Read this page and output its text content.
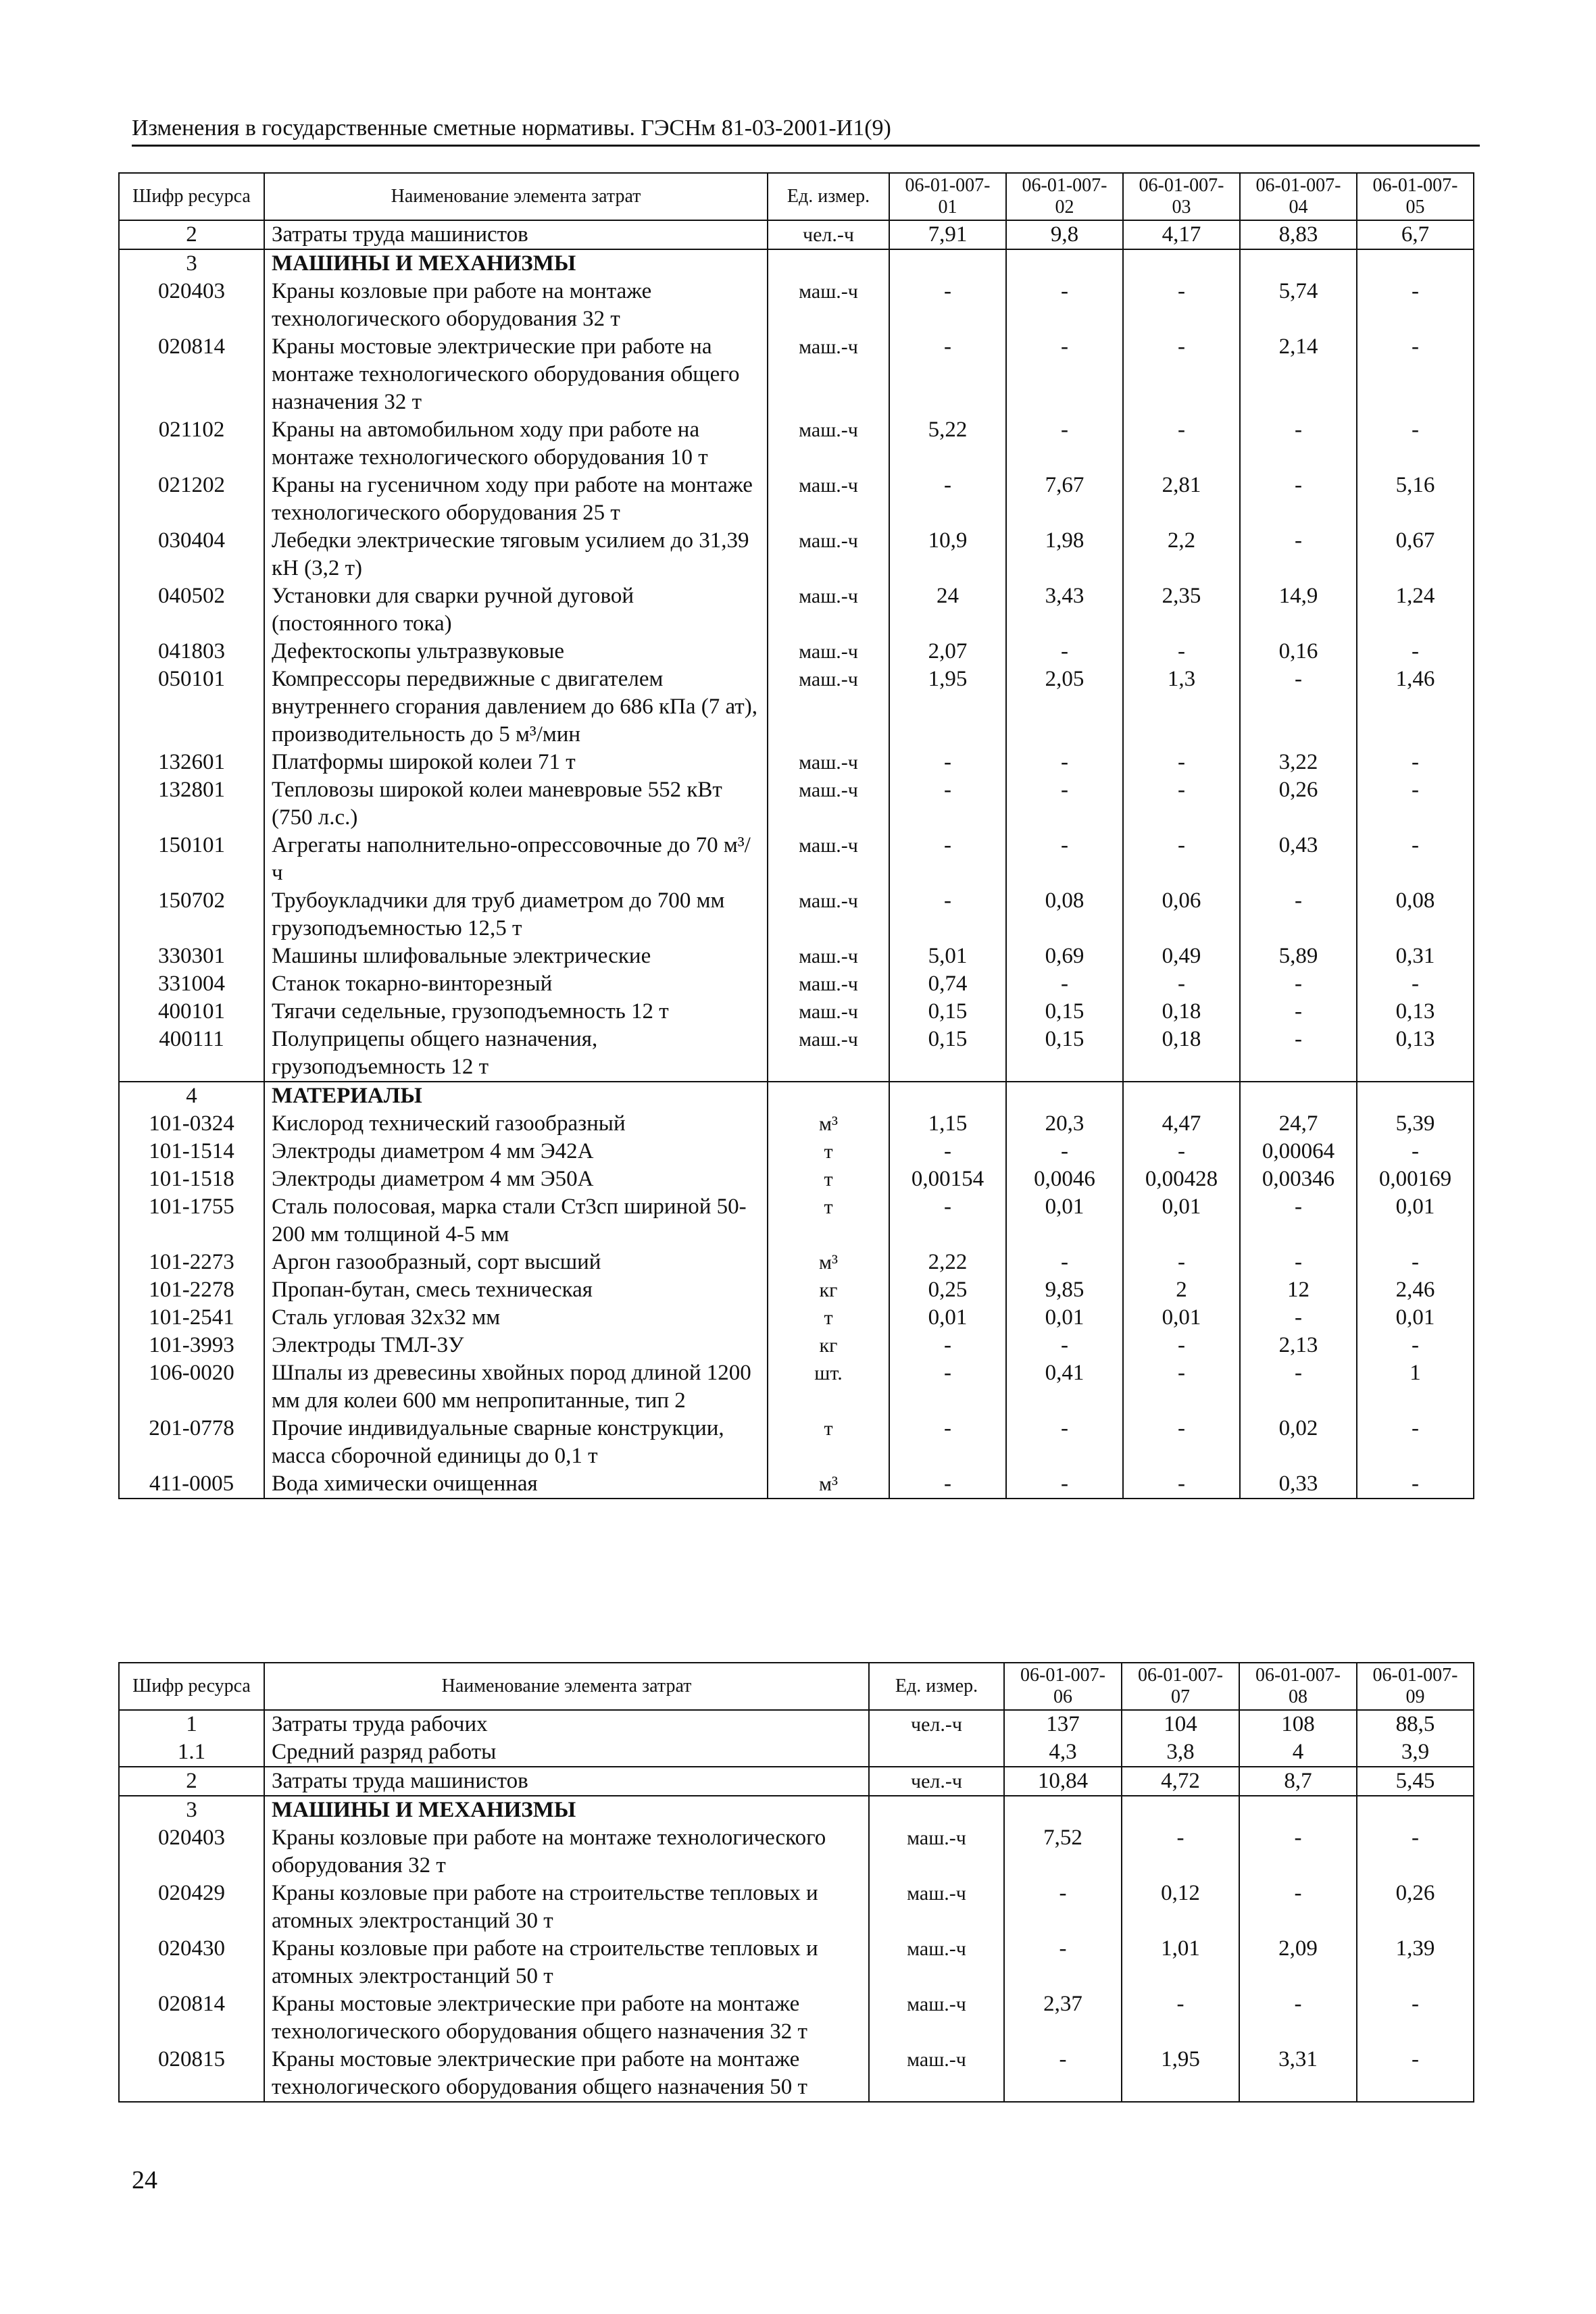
Изменения в государственные сметные нормативы. ГЭСНм 81-03-2001-И1(9)
Шифр ресурса	Наименование элемента затрат	Ед. измер.	06-01-007-01	06-01-007-02	06-01-007-03	06-01-007-04	06-01-007-05
2	Затраты труда машинистов	чел.-ч	7,91	9,8	4,17	8,83	6,7
3	МАШИНЫ И МЕХАНИЗМЫ						
020403	Краны козловые при работе на монтаже технологического оборудования 32 т	маш.-ч	-	-	-	5,74	-
020814	Краны мостовые электрические при работе на монтаже технологического оборудования общего назначения 32 т	маш.-ч	-	-	-	2,14	-
021102	Краны на автомобильном ходу при работе на монтаже технологического оборудования 10 т	маш.-ч	5,22	-	-	-	-
021202	Краны на гусеничном ходу при работе на монтаже технологического оборудования 25 т	маш.-ч	-	7,67	2,81	-	5,16
030404	Лебедки электрические тяговым усилием до 31,39 кН (3,2 т)	маш.-ч	10,9	1,98	2,2	-	0,67
040502	Установки для сварки ручной дуговой (постоянного тока)	маш.-ч	24	3,43	2,35	14,9	1,24
041803	Дефектоскопы ультразвуковые	маш.-ч	2,07	-	-	0,16	-
050101	Компрессоры передвижные с двигателем внутреннего сгорания давлением до 686 кПа (7 ат), производительность до 5 м³/мин	маш.-ч	1,95	2,05	1,3	-	1,46
132601	Платформы широкой колеи 71 т	маш.-ч	-	-	-	3,22	-
132801	Тепловозы широкой колеи маневровые 552 кВт (750 л.с.)	маш.-ч	-	-	-	0,26	-
150101	Агрегаты наполнительно-опрессовочные до 70 м³/ч	маш.-ч	-	-	-	0,43	-
150702	Трубоукладчики для труб диаметром до 700 мм грузоподъемностью 12,5 т	маш.-ч	-	0,08	0,06	-	0,08
330301	Машины шлифовальные электрические	маш.-ч	5,01	0,69	0,49	5,89	0,31
331004	Станок токарно-винторезный	маш.-ч	0,74	-	-	-	-
400101	Тягачи седельные, грузоподъемность 12 т	маш.-ч	0,15	0,15	0,18	-	0,13
400111	Полуприцепы общего назначения, грузоподъемность 12 т	маш.-ч	0,15	0,15	0,18	-	0,13
4	МАТЕРИАЛЫ						
101-0324	Кислород технический газообразный	м³	1,15	20,3	4,47	24,7	5,39
101-1514	Электроды диаметром 4 мм Э42А	т	-	-	-	0,00064	-
101-1518	Электроды диаметром 4 мм Э50А	т	0,00154	0,0046	0,00428	0,00346	0,00169
101-1755	Сталь полосовая, марка стали Ст3сп шириной 50-200 мм толщиной 4-5 мм	т	-	0,01	0,01	-	0,01
101-2273	Аргон газообразный, сорт высший	м³	2,22	-	-	-	-
101-2278	Пропан-бутан, смесь техническая	кг	0,25	9,85	2	12	2,46
101-2541	Сталь угловая 32х32 мм	т	0,01	0,01	0,01	-	0,01
101-3993	Электроды ТМЛ-3У	кг	-	-	-	2,13	-
106-0020	Шпалы из древесины хвойных пород длиной 1200 мм для колеи 600 мм непропитанные, тип 2	шт.	-	0,41	-	-	1
201-0778	Прочие индивидуальные сварные конструкции, масса сборочной единицы до 0,1 т	т	-	-	-	0,02	-
411-0005	Вода химически очищенная	м³	-	-	-	0,33	-
Шифр ресурса	Наименование элемента затрат	Ед. измер.	06-01-007-06	06-01-007-07	06-01-007-08	06-01-007-09
1	Затраты труда рабочих	чел.-ч	137	104	108	88,5
1.1	Средний разряд работы		4,3	3,8	4	3,9
2	Затраты труда машинистов	чел.-ч	10,84	4,72	8,7	5,45
3	МАШИНЫ И МЕХАНИЗМЫ					
020403	Краны козловые при работе на монтаже технологического оборудования 32 т	маш.-ч	7,52	-	-	-
020429	Краны козловые при работе на строительстве тепловых и атомных электростанций 30 т	маш.-ч	-	0,12	-	0,26
020430	Краны козловые при работе на строительстве тепловых и атомных электростанций 50 т	маш.-ч	-	1,01	2,09	1,39
020814	Краны мостовые электрические при работе на монтаже технологического оборудования общего назначения 32 т	маш.-ч	2,37	-	-	-
020815	Краны мостовые электрические при работе на монтаже технологического оборудования общего назначения 50 т	маш.-ч	-	1,95	3,31	-
24
